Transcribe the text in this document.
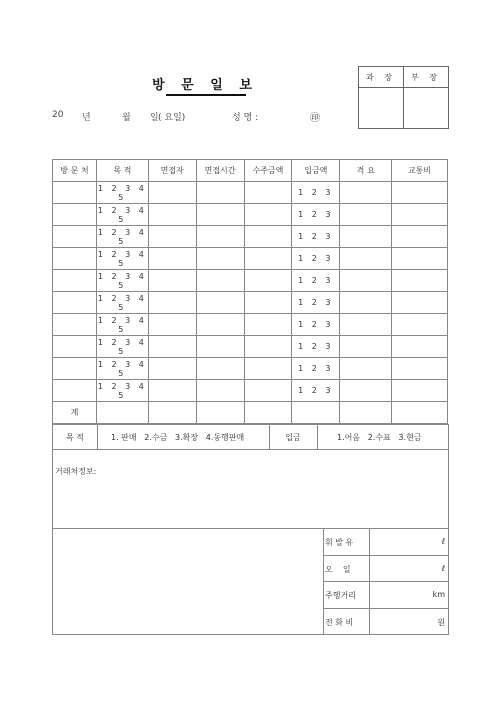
방 문 일 보
20 년	월 일 ( 요일)	성 명 :	㊞
과 장	부 장

방 문 처	목 적	면접자	면접시간	수주금액	입금액	격 요	교통비
	1 2 3 4 5				1 2 3		
	1 2 3 4 5				1 2 3		
	1 2 3 4 5				1 2 3		
	1 2 3 4 5				1 2 3		
	1 2 3 4 5				1 2 3		
	1 2 3 4 5				1 2 3		
	1 2 3 4 5				1 2 3		
	1 2 3 4 5				1 2 3		
	1 2 3 4 5				1 2 3		
	1 2 3 4 5				1 2 3		
계							
목 적	1. 판매   2.수금   3.확장   4.동행판매	입금	1.어음   2.수표   3.현금
거래처정보:
휘 발 유	ℓ
오    일	ℓ
주행거리	km
전 화 비	원
